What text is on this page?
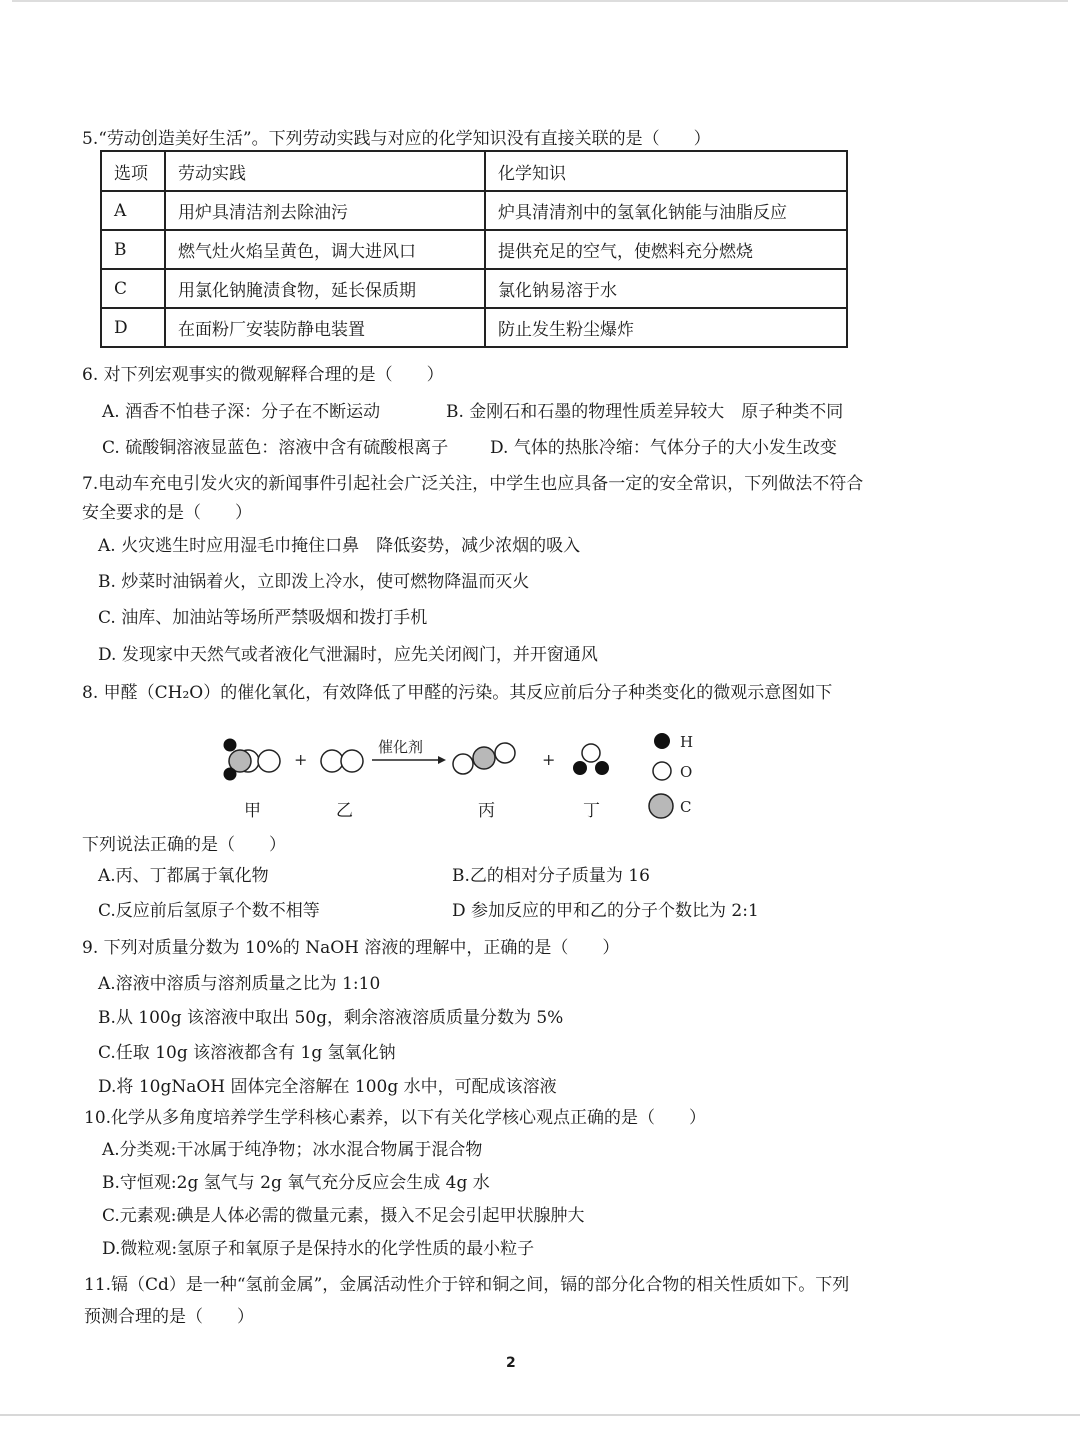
5.“劳动创造美好生活”。下列劳动实践与对应的化学知识没有直接关联的是（　　）
选项	劳动实践	化学知识
A	用炉具清洁剂去除油污	炉具清清剂中的氢氧化钠能与油脂反应
B	燃气灶火焰呈黄色，调大进风口	提供充足的空气，使燃料充分燃烧
C	用氯化钠腌渍食物，延长保质期	氯化钠易溶于水
D	在面粉厂安装防静电装置	防止发生粉尘爆炸
6. 对下列宏观事实的微观解释合理的是（　　）
A. 酒香不怕巷子深：分子在不断运动	B. 金刚石和石墨的物理性质差异较大　原子种类不同
C. 硫酸铜溶液显蓝色：溶液中含有硫酸根离子 D. 气体的热胀冷缩：气体分子的大小发生改变
7.电动车充电引发火灾的新闻事件引起社会广泛关注，中学生也应具备一定的安全常识，下列做法不符合
安全要求的是（　　）
A. 火灾逃生时应用湿毛巾掩住口鼻　降低姿势，减少浓烟的吸入
B. 炒菜时油锅着火，立即泼上冷水，使可燃物降温而灭火
C. 油库、加油站等场所严禁吸烟和拨打手机
D. 发现家中天然气或者液化气泄漏时，应先关闭阀门，并开窗通风
8. 甲醛（CH₂O）的催化氧化，有效降低了甲醛的污染。其反应前后分子种类变化的微观示意图如下
+
催化剂
+
H
O
C
甲	乙	丙	丁
下列说法正确的是（　　）
A.丙、丁都属于氧化物	B.乙的相对分子质量为 16
C.反应前后氢原子个数不相等	D 参加反应的甲和乙的分子个数比为 2:1
9. 下列对质量分数为 10%的 NaOH 溶液的理解中，正确的是（　　）
A.溶液中溶质与溶剂质量之比为 1:10
B.从 100g 该溶液中取出 50g，剩余溶液溶质质量分数为 5%
C.任取 10g 该溶液都含有 1g 氢氧化钠
D.将 10gNaOH 固体完全溶解在 100g 水中，可配成该溶液
10.化学从多角度培养学生学科核心素养，以下有关化学核心观点正确的是（　　）
A.分类观:干冰属于纯净物；冰水混合物属于混合物
B.守恒观:2g 氢气与 2g 氧气充分反应会生成 4g 水
C.元素观:碘是人体必需的微量元素，摄入不足会引起甲状腺肿大
D.微粒观:氢原子和氧原子是保持水的化学性质的最小粒子
11.镉（Cd）是一种“氢前金属”，金属活动性介于锌和铜之间，镉的部分化合物的相关性质如下。下列
预测合理的是（　　）
2
